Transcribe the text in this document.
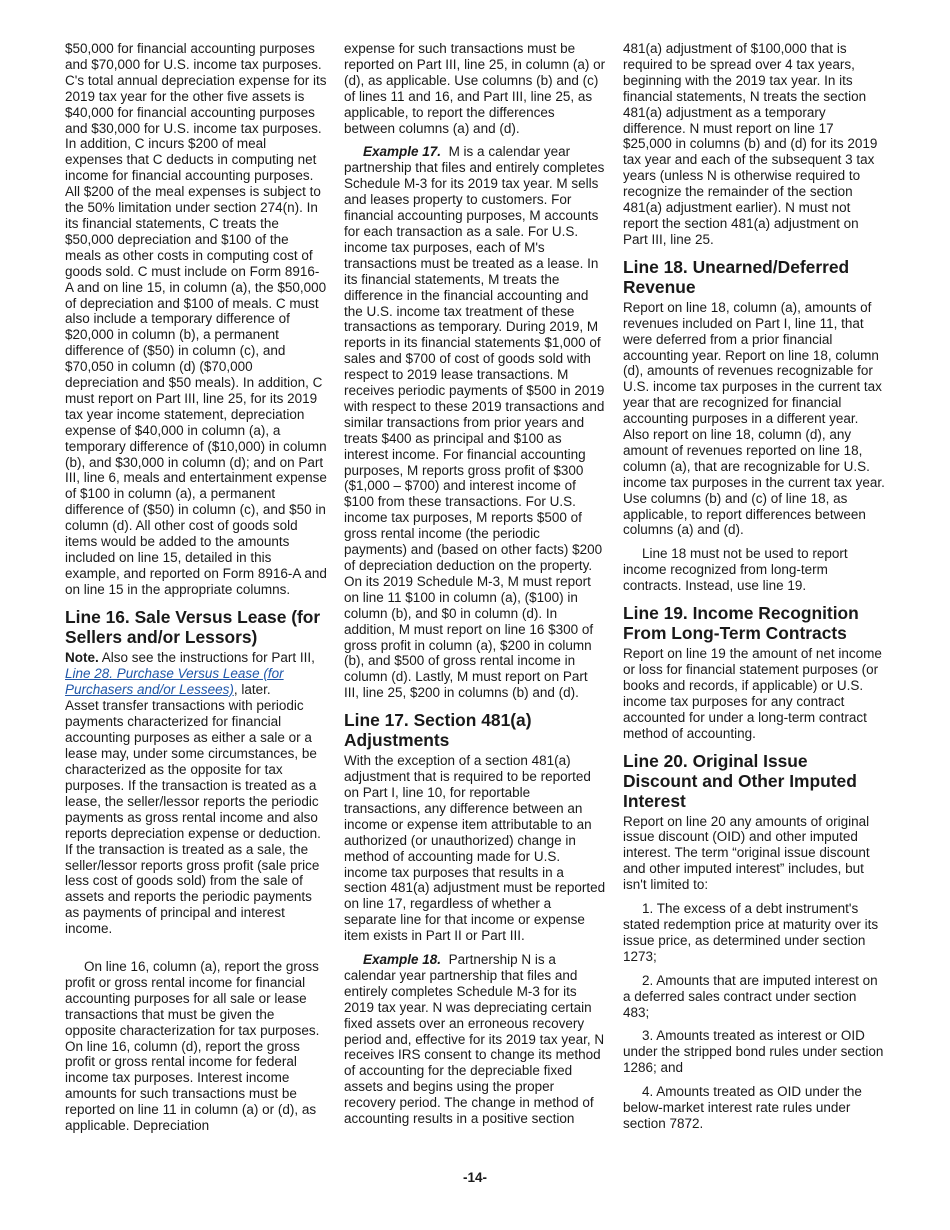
$50,000 for financial accounting purposes and $70,000 for U.S. income tax purposes. C's total annual depreciation expense for its 2019 tax year for the other five assets is $40,000 for financial accounting purposes and $30,000 for U.S. income tax purposes. In addition, C incurs $200 of meal expenses that C deducts in computing net income for financial accounting purposes. All $200 of the meal expenses is subject to the 50% limitation under section 274(n). In its financial statements, C treats the $50,000 depreciation and $100 of the meals as other costs in computing cost of goods sold. C must include on Form 8916-A and on line 15, in column (a), the $50,000 of depreciation and $100 of meals. C must also include a temporary difference of $20,000 in column (b), a permanent difference of ($50) in column (c), and $70,050 in column (d) ($70,000 depreciation and $50 meals). In addition, C must report on Part III, line 25, for its 2019 tax year income statement, depreciation expense of $40,000 in column (a), a temporary difference of ($10,000) in column (b), and $30,000 in column (d); and on Part III, line 6, meals and entertainment expense of $100 in column (a), a permanent difference of ($50) in column (c), and $50 in column (d). All other cost of goods sold items would be added to the amounts included on line 15, detailed in this example, and reported on Form 8916-A and on line 15 in the appropriate columns.

Line 16. Sale Versus Lease (for Sellers and/or Lessors)

Note. Also see the instructions for Part III, Line 28. Purchase Versus Lease (for Purchasers and/or Lessees), later.

Asset transfer transactions with periodic payments characterized for financial accounting purposes as either a sale or a lease may, under some circumstances, be characterized as the opposite for tax purposes. If the transaction is treated as a lease, the seller/lessor reports the periodic payments as gross rental income and also reports depreciation expense or deduction. If the transaction is treated as a sale, the seller/lessor reports gross profit (sale price less cost of goods sold) from the sale of assets and reports the periodic payments as payments of principal and interest income.

On line 16, column (a), report the gross profit or gross rental income for financial accounting purposes for all sale or lease transactions that must be given the opposite characterization for tax purposes. On line 16, column (d), report the gross profit or gross rental income for federal income tax purposes. Interest income amounts for such transactions must be reported on line 11 in column (a) or (d), as applicable. Depreciation

expense for such transactions must be reported on Part III, line 25, in column (a) or (d), as applicable. Use columns (b) and (c) of lines 11 and 16, and Part III, line 25, as applicable, to report the differences between columns (a) and (d).

Example 17. M is a calendar year partnership that files and entirely completes Schedule M-3 for its 2019 tax year. M sells and leases property to customers. For financial accounting purposes, M accounts for each transaction as a sale. For U.S. income tax purposes, each of M's transactions must be treated as a lease. In its financial statements, M treats the difference in the financial accounting and the U.S. income tax treatment of these transactions as temporary. During 2019, M reports in its financial statements $1,000 of sales and $700 of cost of goods sold with respect to 2019 lease transactions. M receives periodic payments of $500 in 2019 with respect to these 2019 transactions and similar transactions from prior years and treats $400 as principal and $100 as interest income. For financial accounting purposes, M reports gross profit of $300 ($1,000 – $700) and interest income of $100 from these transactions. For U.S. income tax purposes, M reports $500 of gross rental income (the periodic payments) and (based on other facts) $200 of depreciation deduction on the property. On its 2019 Schedule M-3, M must report on line 11 $100 in column (a), ($100) in column (b), and $0 in column (d). In addition, M must report on line 16 $300 of gross profit in column (a), $200 in column (b), and $500 of gross rental income in column (d). Lastly, M must report on Part III, line 25, $200 in columns (b) and (d).

Line 17. Section 481(a) Adjustments

With the exception of a section 481(a) adjustment that is required to be reported on Part I, line 10, for reportable transactions, any difference between an income or expense item attributable to an authorized (or unauthorized) change in method of accounting made for U.S. income tax purposes that results in a section 481(a) adjustment must be reported on line 17, regardless of whether a separate line for that income or expense item exists in Part II or Part III.

Example 18. Partnership N is a calendar year partnership that files and entirely completes Schedule M-3 for its 2019 tax year. N was depreciating certain fixed assets over an erroneous recovery period and, effective for its 2019 tax year, N receives IRS consent to change its method of accounting for the depreciable fixed assets and begins using the proper recovery period. The change in method of accounting results in a positive section

481(a) adjustment of $100,000 that is required to be spread over 4 tax years, beginning with the 2019 tax year. In its financial statements, N treats the section 481(a) adjustment as a temporary difference. N must report on line 17 $25,000 in columns (b) and (d) for its 2019 tax year and each of the subsequent 3 tax years (unless N is otherwise required to recognize the remainder of the section 481(a) adjustment earlier). N must not report the section 481(a) adjustment on Part III, line 25.

Line 18. Unearned/Deferred Revenue

Report on line 18, column (a), amounts of revenues included on Part I, line 11, that were deferred from a prior financial accounting year. Report on line 18, column (d), amounts of revenues recognizable for U.S. income tax purposes in the current tax year that are recognized for financial accounting purposes in a different year. Also report on line 18, column (d), any amount of revenues reported on line 18, column (a), that are recognizable for U.S. income tax purposes in the current tax year. Use columns (b) and (c) of line 18, as applicable, to report differences between columns (a) and (d).

Line 18 must not be used to report income recognized from long-term contracts. Instead, use line 19.

Line 19. Income Recognition From Long-Term Contracts

Report on line 19 the amount of net income or loss for financial statement purposes (or books and records, if applicable) or U.S. income tax purposes for any contract accounted for under a long-term contract method of accounting.

Line 20. Original Issue Discount and Other Imputed Interest

Report on line 20 any amounts of original issue discount (OID) and other imputed interest. The term “original issue discount and other imputed interest” includes, but isn't limited to:

1. The excess of a debt instrument's stated redemption price at maturity over its issue price, as determined under section 1273;

2. Amounts that are imputed interest on a deferred sales contract under section 483;

3. Amounts treated as interest or OID under the stripped bond rules under section 1286; and

4. Amounts treated as OID under the below-market interest rate rules under section 7872.

-14-
